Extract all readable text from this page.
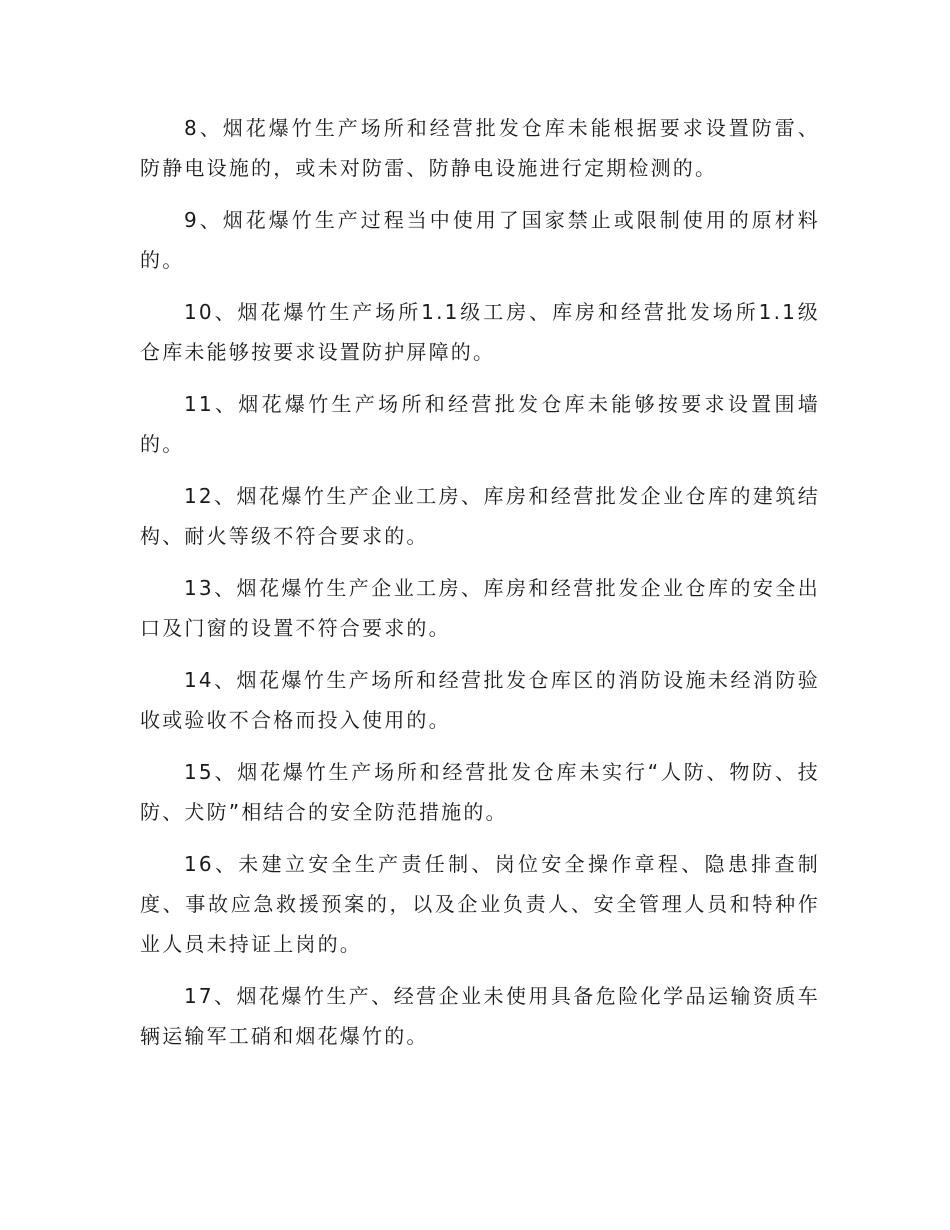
8、烟花爆竹生产场所和经营批发仓库未能根据要求设置防雷、防静电设施的，或未对防雷、防静电设施进行定期检测的。

9、烟花爆竹生产过程当中使用了国家禁止或限制使用的原材料的。

10、烟花爆竹生产场所1.1级工房、库房和经营批发场所1.1级仓库未能够按要求设置防护屏障的。

11、烟花爆竹生产场所和经营批发仓库未能够按要求设置围墙的。

12、烟花爆竹生产企业工房、库房和经营批发企业仓库的建筑结构、耐火等级不符合要求的。

13、烟花爆竹生产企业工房、库房和经营批发企业仓库的安全出口及门窗的设置不符合要求的。

14、烟花爆竹生产场所和经营批发仓库区的消防设施未经消防验收或验收不合格而投入使用的。

15、烟花爆竹生产场所和经营批发仓库未实行“人防、物防、技防、犬防”相结合的安全防范措施的。

16、未建立安全生产责任制、岗位安全操作章程、隐患排查制度、事故应急救援预案的，以及企业负责人、安全管理人员和特种作业人员未持证上岗的。

17、烟花爆竹生产、经营企业未使用具备危险化学品运输资质车辆运输军工硝和烟花爆竹的。
